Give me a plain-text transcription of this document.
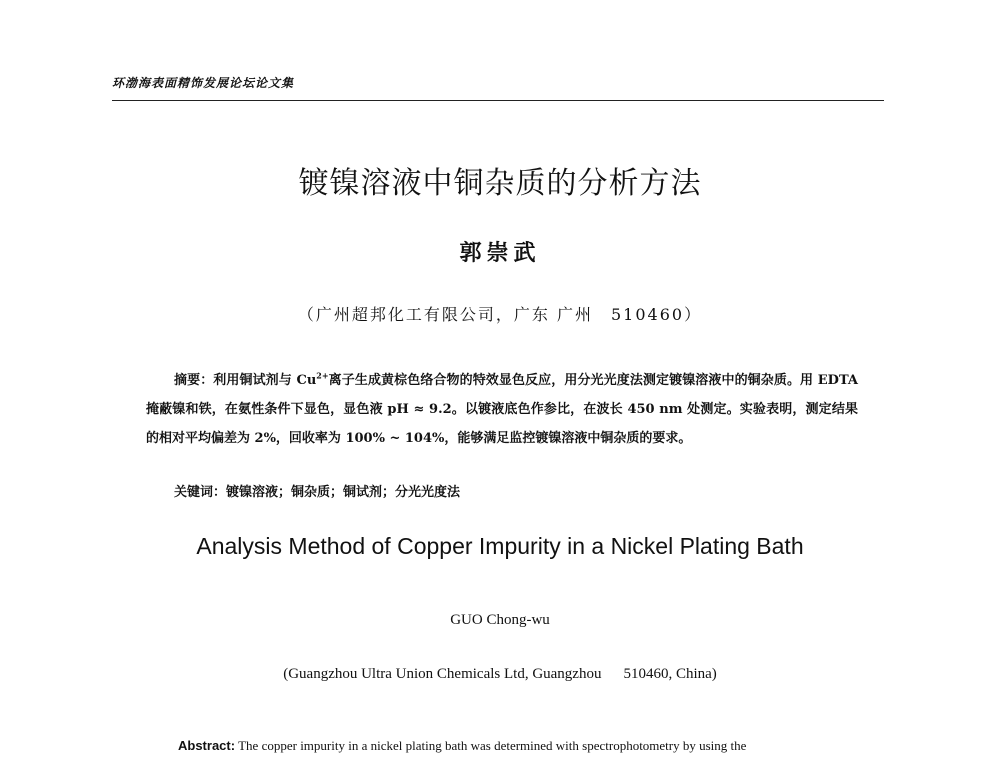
环渤海表面精饰发展论坛论文集
镀镍溶液中铜杂质的分析方法
郭崇武
（广州超邦化工有限公司，广东 广州　510460）
摘要：利用铜试剂与 $Cu^{2+}$离子生成黄棕色络合物的特效显色反应，用分光光度法测定镀镍溶液中的铜杂质。用 EDTA 掩蔽镍和铁，在氨性条件下显色，显色液 pH ≈ 9.2。以镀液底色作参比，在波长 450 nm 处测定。实验表明，测定结果的相对平均偏差为 2%，回收率为 100% ~ 104%，能够满足监控镀镍溶液中铜杂质的要求。
关键词：镀镍溶液；铜杂质；铜试剂；分光光度法
Analysis Method of Copper Impurity in a Nickel Plating Bath
GUO Chong-wu
(Guangzhou Ultra Union Chemicals Ltd, Guangzhou 510460, China)
Abstract: The copper impurity in a nickel plating bath was determined with spectrophotometry by using the
